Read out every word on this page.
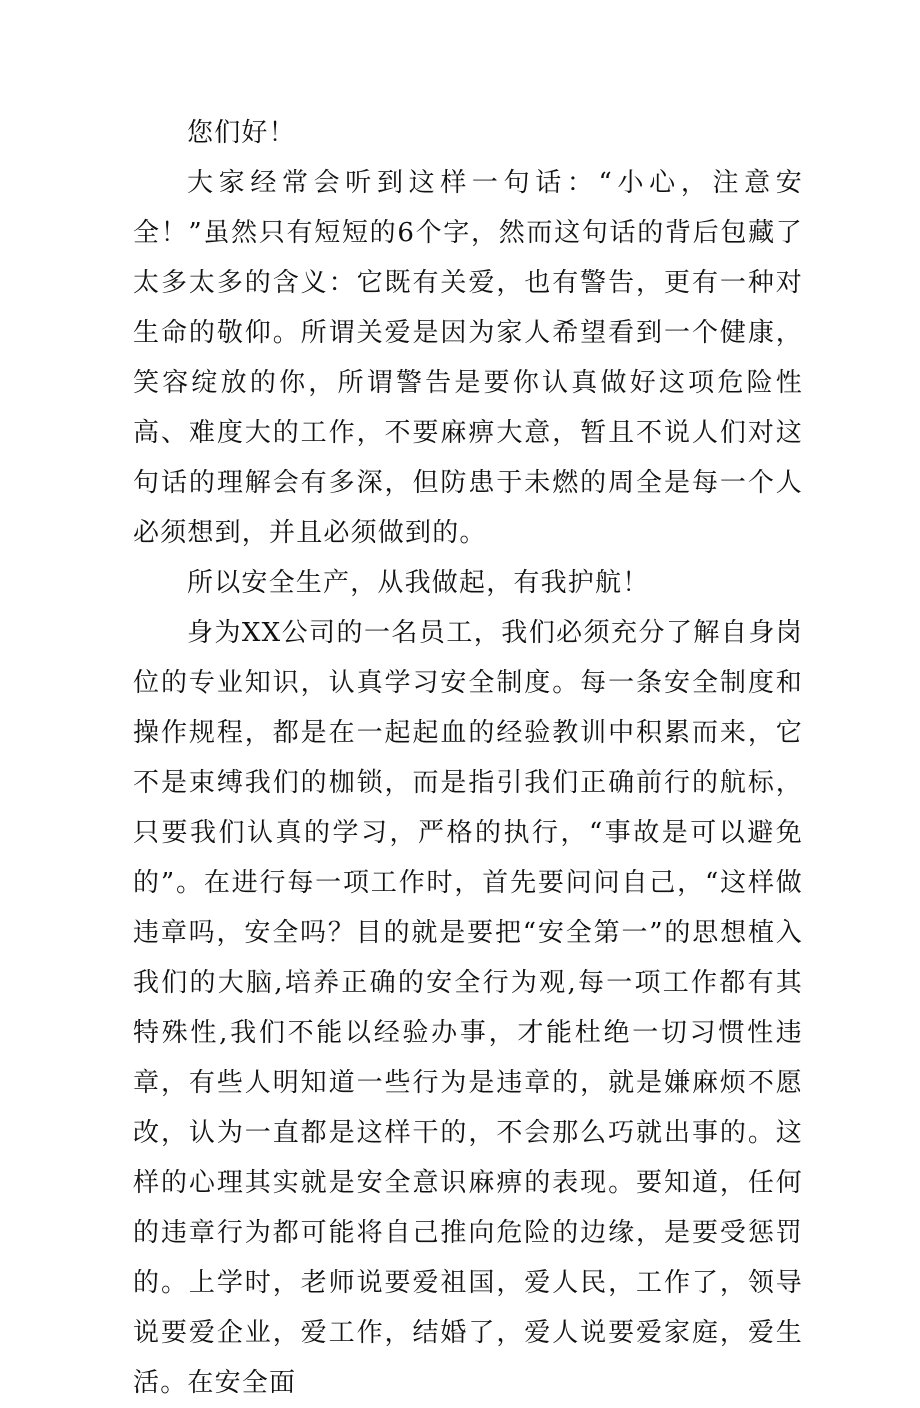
您们好！

大家经常会听到这样一句话：“小心，注意安全！”虽然只有短短的6个字，然而这句话的背后包藏了太多太多的含义：它既有关爱，也有警告，更有一种对生命的敬仰。所谓关爱是因为家人希望看到一个健康，笑容绽放的你，所谓警告是要你认真做好这项危险性高、难度大的工作，不要麻痹大意，暂且不说人们对这句话的理解会有多深，但防患于未燃的周全是每一个人必须想到，并且必须做到的。

所以安全生产，从我做起，有我护航！

身为XX公司的一名员工，我们必须充分了解自身岗位的专业知识，认真学习安全制度。每一条安全制度和操作规程，都是在一起起血的经验教训中积累而来，它不是束缚我们的枷锁，而是指引我们正确前行的航标，只要我们认真的学习，严格的执行，“事故是可以避免的”。在进行每一项工作时，首先要问问自己，“这样做违章吗，安全吗？目的就是要把“安全第一”的思想植入我们的大脑,培养正确的安全行为观,每一项工作都有其特殊性,我们不能以经验办事，才能杜绝一切习惯性违章，有些人明知道一些行为是违章的，就是嫌麻烦不愿改，认为一直都是这样干的，不会那么巧就出事的。这样的心理其实就是安全意识麻痹的表现。要知道，任何的违章行为都可能将自己推向危险的边缘，是要受惩罚的。上学时，老师说要爱祖国，爱人民，工作了，领导说要爱企业，爱工作，结婚了，爱人说要爱家庭，爱生活。在安全面
